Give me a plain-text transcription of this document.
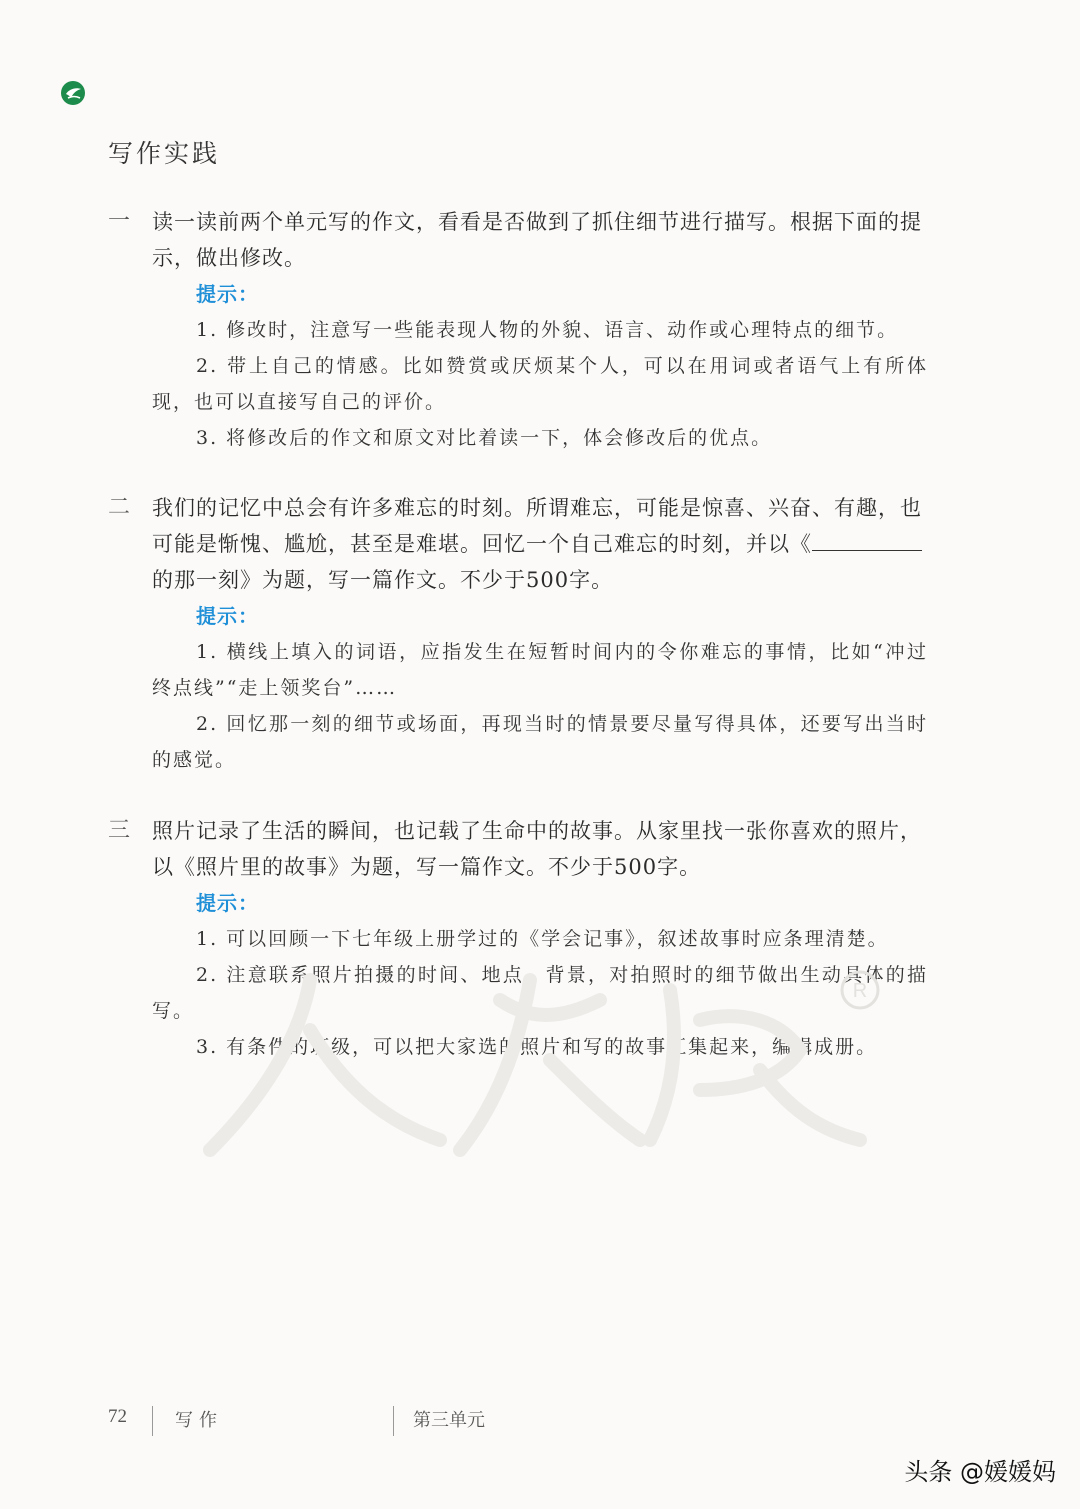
写作实践
一 读一读前两个单元写的作文，看看是否做到了抓住细节进行描写。根据下面的提示，做出修改。
提示：
1. 修改时，注意写一些能表现人物的外貌、语言、动作或心理特点的细节。
2. 带上自己的情感。比如赞赏或厌烦某个人，可以在用词或者语气上有所体现，也可以直接写自己的评价。
3. 将修改后的作文和原文对比着读一下，体会修改后的优点。
二 我们的记忆中总会有许多难忘的时刻。所谓难忘，可能是惊喜、兴奋、有趣，也可能是惭愧、尴尬，甚至是难堪。回忆一个自己难忘的时刻，并以《的那一刻》为题，写一篇作文。不少于500字。
提示：
1. 横线上填入的词语，应指发生在短暂时间内的令你难忘的事情，比如“冲过终点线”“走上领奖台”……
2. 回忆那一刻的细节或场面，再现当时的情景要尽量写得具体，还要写出当时的感觉。
三 照片记录了生活的瞬间，也记载了生命中的故事。从家里找一张你喜欢的照片，以《照片里的故事》为题，写一篇作文。不少于500字。
提示：
1. 可以回顾一下七年级上册学过的《学会记事》，叙述故事时应条理清楚。
2. 注意联系照片拍摄的时间、地点、背景，对拍照时的细节做出生动具体的描写。
3. 有条件的班级，可以把大家选的照片和写的故事汇集起来，编辑成册。
R
72	写作	第三单元
头条 @媛媛妈
